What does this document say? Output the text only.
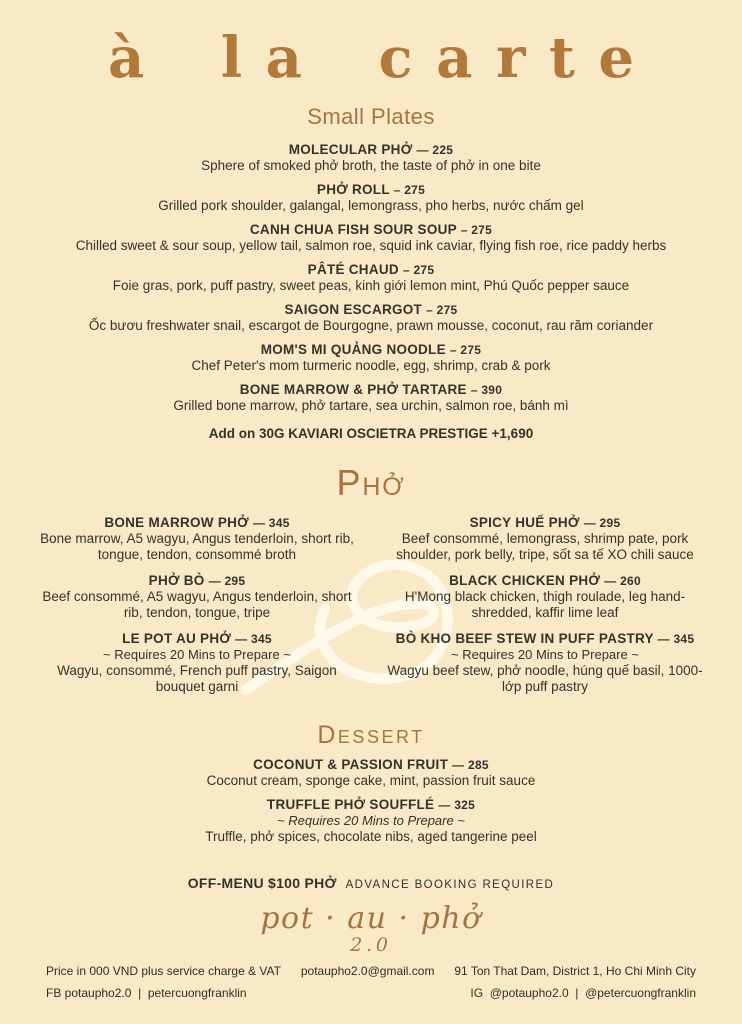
à la carte
Small Plates
MOLECULAR PHỞ — 225
Sphere of smoked phở broth, the taste of phở in one bite
PHỞ ROLL – 275
Grilled pork shoulder, galangal, lemongrass, pho herbs, nước chấm gel
CANH CHUA FISH SOUR SOUP – 275
Chilled sweet & sour soup, yellow tail, salmon roe, squid ink caviar, flying fish roe, rice paddy herbs
PÂTÉ CHAUD – 275
Foie gras, pork, puff pastry, sweet peas, kinh giới lemon mint, Phú Quốc pepper sauce
SAIGON ESCARGOT – 275
Ốc bươu freshwater snail, escargot de Bourgogne, prawn mousse, coconut, rau răm coriander
MOM'S MI QUẢNG NOODLE – 275
Chef Peter's mom turmeric noodle, egg, shrimp, crab & pork
BONE MARROW & PHỞ TARTARE – 390
Grilled bone marrow, phở tartare, sea urchin, salmon roe, bánh mì
Add on 30G KAVIARI OSCIETRA PRESTIGE +1,690
Phở
BONE MARROW PHỞ — 345
Bone marrow, A5 wagyu, Angus tenderloin, short rib, tongue, tendon, consommé broth
PHỞ BÒ — 295
Beef consommé, A5 wagyu, Angus tenderloin, short rib, tendon, tongue, tripe
LE POT AU PHỞ — 345
~ Requires 20 Mins to Prepare ~
Wagyu, consommé, French puff pastry, Saigon bouquet garni
SPICY HUẾ PHỞ — 295
Beef consommé, lemongrass, shrimp pate, pork shoulder, pork belly, tripe, sốt sa tế XO chili sauce
BLACK CHICKEN PHỞ — 260
H'Mong black chicken, thigh roulade, leg hand-shredded, kaffir lime leaf
BÒ KHO BEEF STEW IN PUFF PASTRY — 345
~ Requires 20 Mins to Prepare ~
Wagyu beef stew, phở noodle, húng quế basil, 1000-lớp puff pastry
Dessert
COCONUT & PASSION FRUIT — 285
Coconut cream, sponge cake, mint, passion fruit sauce
TRUFFLE PHỞ SOUFFLÉ — 325
~ Requires 20 Mins to Prepare ~
Truffle, phở spices, chocolate nibs, aged tangerine peel
OFF-MENU $100 PHỞ ADVANCE BOOKING REQUIRED
pot · au · phở
2.0
Price in 000 VND plus service charge & VAT
FB potaupho2.0  |  petercuongfranklin
potaupho2.0@gmail.com 91 Ton That Dam, District 1, Ho Chi Minh City
IG  @potaupho2.0  |  @petercuongfranklin
